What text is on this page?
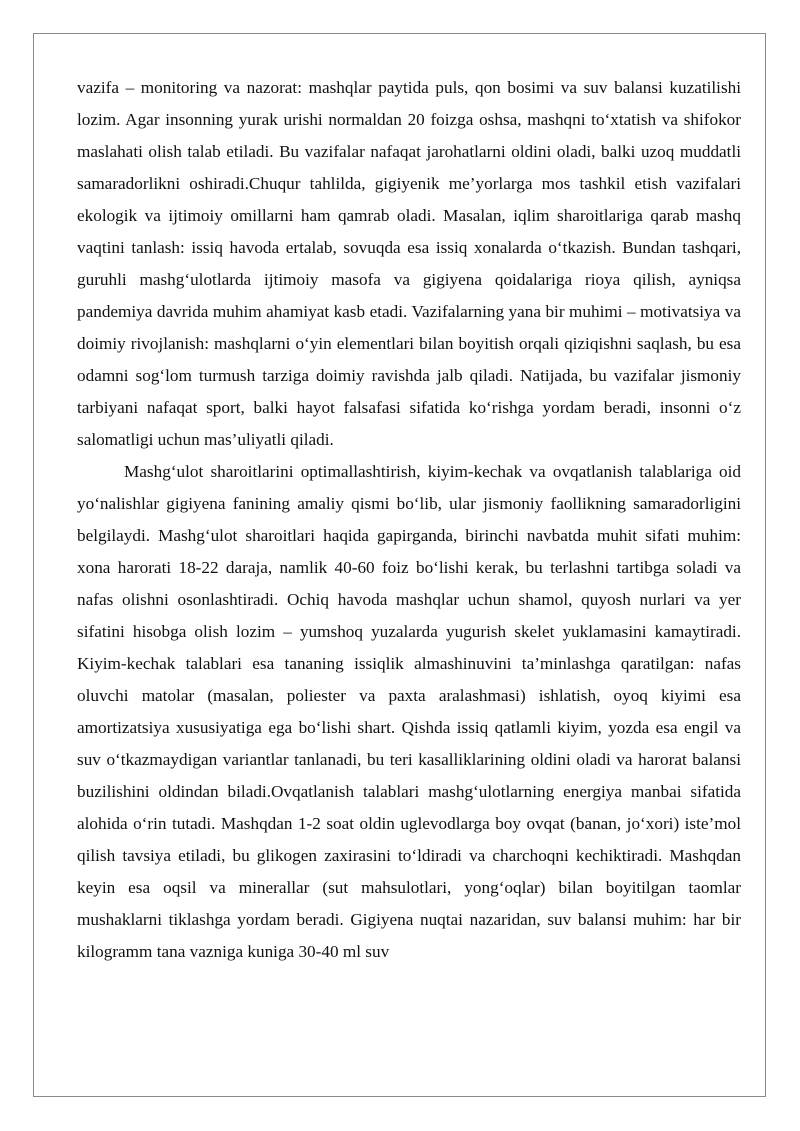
vazifa – monitoring va nazorat: mashqlar paytida puls, qon bosimi va suv balansi kuzatilishi lozim. Agar insonning yurak urishi normaldan 20 foizga oshsa, mashqni to‘xtatish va shifokor maslahati olish talab etiladi. Bu vazifalar nafaqat jarohatlarni oldini oladi, balki uzoq muddatli samaradorlikni oshiradi.Chuqur tahlilda, gigiyenik me’yorlarga mos tashkil etish vazifalari ekologik va ijtimoiy omillarni ham qamrab oladi. Masalan, iqlim sharoitlariga qarab mashq vaqtini tanlash: issiq havoda ertalab, sovuqda esa issiq xonalarda o‘tkazish. Bundan tashqari, guruhli mashg‘ulotlarda ijtimoiy masofa va gigiyena qoidalariga rioya qilish, ayniqsa pandemiya davrida muhim ahamiyat kasb etadi. Vazifalarning yana bir muhimi – motivatsiya va doimiy rivojlanish: mashqlarni o‘yin elementlari bilan boyitish orqali qiziqishni saqlash, bu esa odamni sog‘lom turmush tarziga doimiy ravishda jalb qiladi. Natijada, bu vazifalar jismoniy tarbiyani nafaqat sport, balki hayot falsafasi sifatida ko‘rishga yordam beradi, insonni o‘z salomatligi uchun mas’uliyatli qiladi.

Mashg‘ulot sharoitlarini optimallashtirish, kiyim-kechak va ovqatlanish talablariga oid yo‘nalishlar gigiyena fanining amaliy qismi bo‘lib, ular jismoniy faollikning samaradorligini belgilaydi. Mashg‘ulot sharoitlari haqida gapirganda, birinchi navbatda muhit sifati muhim: xona harorati 18-22 daraja, namlik 40-60 foiz bo‘lishi kerak, bu terlashni tartibga soladi va nafas olishni osonlashtiradi. Ochiq havoda mashqlar uchun shamol, quyosh nurlari va yer sifatini hisobga olish lozim – yumshoq yuzalarda yugurish skelet yuklamasini kamaytiradi. Kiyim-kechak talablari esa tananing issiqlik almashinuvini ta’minlashga qaratilgan: nafas oluvchi matolar (masalan, poliester va paxta aralashmasi) ishlatish, oyoq kiyimi esa amortizatsiya xususiyatiga ega bo‘lishi shart. Qishda issiq qatlamli kiyim, yozda esa engil va suv o‘tkazmaydigan variantlar tanlanadi, bu teri kasalliklarining oldini oladi va harorat balansi buzilishini oldindan biladi.Ovqatlanish talablari mashg‘ulotlarning energiya manbai sifatida alohida o‘rin tutadi. Mashqdan 1-2 soat oldin uglevodlarga boy ovqat (banan, jo‘xori) iste’mol qilish tavsiya etiladi, bu glikogen zaxirasini to‘ldiradi va charchoqni kechiktiradi. Mashqdan keyin esa oqsil va minerallar (sut mahsulotlari, yong‘oqlar) bilan boyitilgan taomlar mushaklarni tiklashga yordam beradi. Gigiyena nuqtai nazaridan, suv balansi muhim: har bir kilogramm tana vazniga kuniga 30-40 ml suv
